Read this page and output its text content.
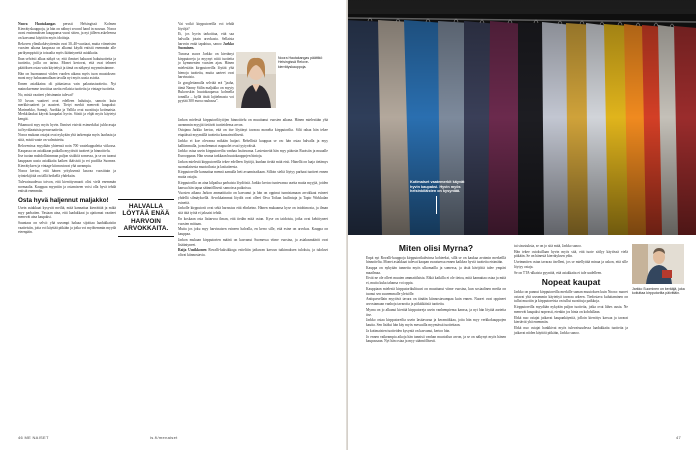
Noora Hautakangas perusti Helsingissä Kolmen Kierrätyskauppoja, ja hän on nähnyt second hand in nousun. Noora avasi ensimmäisen kauppansa vuosi sitten, ja nyt jälleen askeleensa on kasvanut käytöön myös idoittaja.

Rekoven ylimikokävyttemän ovat 30–40-vuotiaat, mutta viimeisten vuosien aikana kaupassa on alkanut käydä entistä enemmän alle parikymppisiä ja toisaalta myös ikääntyneitä asiakkaita.

Ihan selvästi alkaa näkyä se, että ihmiset haluavat hakutuotteita ja tuotteita, joilla on tarina. Monet kertovat, että ovat tehneet päätöksen ostaa vain käytettyä ja tämä on näkynyt myynnissämme.

Hän on huomannut viiden vuoden aikana myös tuon muutoksen: moni myy halusaamallaan tavalla nyt myös uusia asioita.

Ennen asiakkaina oli pääasiassa vain palautustuotteita. Nyt mainoksemme tavoittaa useita erilaisia tuotteita ja vintage tuotteita.

No, mistä vaatteet yleisimmin tulevat?

50 luvun vaatteet ovat edelleen haluttuja, samoin kuin merkkivaatteet ja asusteet. Tietyt merkit menevät kaupaksi: Marimekko, Samuji, Aarikka ja Vallila ovat suosittuja kotimaisia. Merkkilaukut käyvät kaupaksi hyvin. Siistit ja ehjät myös käytetyt kengät.

Pikamuoti myy myös hyvin. Ihmiset etsivät esimerkiksi juhla-asuja tai hyvälaatuisia perusvaatteita.

Noora mukaan ostajat ovat nykyään yhä tarkempia myös laadusta ja siitä, mistä vaate on valmistettu.

Relovenissa myydään yhteensä noin 700 vaatekappaletta viikossa. Kaupassa on asiakkaan paikalla myytävät tuotteet ja hinnoittelu.

Itse tuotan mahdollisimman paljon sisältöä somessa, ja se on tuonut kauppaan uusia asiakkaita kaiken ikäisistä ja eri puolilta Suomea. Kierrätyksen ja vintage kiinnostavat yhä useampia.

Noora kertoo, että hänen yrityksensä kasvaa vuosittain ja työntekijöitä on tällä hetkellä yhdeksän.

Tulevaisuudessa toivon, että kierrätysmuoti olisi vielä enemmän normaalia. Kauppaa myyntiin ja ostamiseen voisi olla hyvä tehdä entistä enemmän.

Osta hyvä haljennut maljakko!

Usein asiakkaat kysyvät meiltä, mitä kannattaa kierrättää ja mikä myy parhaiten. Vastaan aina, että laadukkaat ja ajattomat vaatteet menevät aina kaupaksi.

Suuntaus on selvä: yhä useampi haluaa sijoittaa laadukkaisiin vaatteisiin, joita voi käyttää pitkään ja jotka voi myöhemmin myydä eteenpäin.

HALVALLA LÖYTÄÄ ENÄÄ HARVOIN ARVOKKAITA.

Vai voikö kirpputoreilla voi tehdä löytöjä?

Ei, jos hyvin tarkoittaa, että saa halvalla jotain arvokasta. Sellaista harvoin enää tapahtuu, sanoo Jarkko Suominen.

Turussa asuva Jarkko on kiertänyt kirpputoreja ja myynyt niitä tuotteita jo kymmenien vuosien ajan. Hänen mielestään kirpputoreilla löytää yhä hienoja tuotteita, mutta aarteet ovat harvinaisia.

Ja googlettamalla selviää erä "jaaha, tämä Nanny Stilin maljakko on myyty Bukowskin huutokaupassa kolmella tonnilla – kyllä tästä lajitelmasta voi pyytää 300 euroa rauhassa".

Jarkon mielestä kirpputorilöytöjen hinnoittelu on muuttunut vuosien aikana. Hänen mielestään yhä useammin myyjät tietävät tuotteidensa arvon.

Ostajana Jarkko kertoo, että on itse löytänyt tavaraa monelta kirpputorilta. Silti rahaa hän tekee etupäässä myymällä tuotteita kansainvälisesti.

Jarkko ei koe olevansa mikään huijari. Rehellistä kauppaa se on: hän ostaa halvalla ja myy kalliimmalla, ja molemmat osapuolet ovat tyytyväisiä.

Jarkko ostaa usein kirpputoreilta vanhaa lasitavaraa. Lasiesineitä hän myy pääosin Ruotsiin ja muualle Eurooppaan. Hän seuraa tarkkaan huutokauppojen hintoja.

Jarkon mielestä kirpputoreilla tekee edelleen löytöjä, kunhan tietää mitä etsii. Hänellä on laaja tietämys suomalaisesta muotoilusta ja lasitaiteesta.

Kirpputoreille kannattaa mennä aamulla heti avaamisaikaan. Silloin sieltä löytyy parhaat tuotteet ennen muita ostajia.

Kirpputorilla on aina kilpailua parhaista löydöistä. Jarkko kertoo tuntevansa useita muita myyjiä, joiden kanssa hän tapaa säännöllisesti samoissa paikoissa.

Vuosien aikana Jarkon ammattitaito on kasvanut ja hän on oppinut tunnistamaan arvokkaat esineet yhdellä silmäyksellä. Arvokkaimmat löydöt ovat olleet Oiva Toikan lasilintuja ja Tapio Wirkkalan esineitä.

Jarkolle kirpputorit ovat sekä harrastus että elinkeino. Hänen mukaansa kyse on intohimosta, ja ilman sitä tätä työtä ei jaksaisi tehdä.

En koskaan osta lisäarvoa ilman, että tiedän mitä ostan. Kyse on taidoista, jotka ovat kehittyneet vuosien mittaan.

Mutta jos joku myy harvinaisen esineen halvalla, en kerro sille, että esine on arvokas. Kauppa on kauppaa.

Jarkon mukaan kirpputorien määrä on kasvanut Suomessa viime vuosina, ja asiakasmäärät ovat lisääntyneet.

Raija Uusikkonen Rovalli-kaksikkoga esiteltiin jatkuvan kasvun tutkimuksen tuloksia, ja tulokset olivat kiinnostavia.

Noora Hautakangas päättikö Helsingissä Relove-kierrätyskauppoja.
46 ME NAISET	is.fi/menaiset
Kotimaiset vaatemerkit käyvät hyvin kaupaksi. Hyvin myös helsinkiläisten on kysyntää.
Miten olisi Myrna?

Enpä nyt Rovalli-kauppoja kirpputorikahvinsa kohteeksi, sillä se on kaukaa avoimin merkeillä hinnoiteltu. Monet asiakkaat tulevat kaupan avautuessa ennen kaikkea hyviä tuotteita etsimään.

Kauppa on nykyään tunnettu myös ulkomailla ja somessa, ja tästä kävijöitä tulee ympäri maailmaa.

Eivät ne ole olleet muuten ammattilaisia. Ehkä kaikilla ei ole tietoa, mitä kannattaa ostaa ja mitä ei, mutta kuka tahansa voi oppia.

Kauppiaan mielestä kirpputorikulttuuri on muuttunut viime vuosina, kun sosiaalinen media on tuonut sen suuremmalle yleisölle.

Antiquesellain myytävä tavara on tänään kiinnostavampaa kuin ennen. Nuoret ovat oppineet arvostamaan vanhoja tavaroita ja pitkäikäisiä tuotteita.

Myrna on jo alkanut kiertää kirpputoreja usein vanhempiensa kanssa, ja nyt hän löytää aarteita itse.

Jarkko ostaa kirpputoreilta usein lasitavaraa ja keramiikkaa, joita hän myy verkkokauppojen kautta. Sen lisäksi hän käy myös messuilla myymässä tuotteitaan.

Ja kotimaisten tuotteiden kysyntä on kasvanut, kertoo hän.

Jo ennen vaikeampia aikoja hän tunnisti vanhan muotoilun arvon, ja se on näkynyt myös hänen kaupassaan. Nyt hän ostaa ja myy säännöllisesti.

tai sisustuksia, se on jo sitä mitä, Jarkko sanoo.

Hän tekee ostoksillaan hyvin myös sitä, että tuote säilyy käytössä vielä pitkään. Se on hänestä kierrätyksen ydin.

Useimmiten ostan tavaraa itselleni, jos se miellyttää minua ja uskon, että sille löytyy ostaja.

Se on TTA-alkaista pyyntöä, että asiakkaita ei tule uudelleen.

Nopeat kaupat

Jarkko on pannut kirpputoreilla merkille saman muutoksen kuin Noora: nuoret ostavat yhä useammin käytettyä tavaraa arkeen. Tiedostava kuluttaminen on tullut muotiin ja kirpputoreista on tullut suosittuja paikkoja.

Kirpputoreilla myydään nykyään paljon tuotteita, jotka ovat lähes uusia. Ne menevät kaupaksi nopeasti, etenkin jos hinta on kohdallaan.

Ehkä nuo ostajat jatkavat kaupankäyntiä, jolloin kierrätys kasvaa ja tavarat kiertävät yhä enemmän.

Ehkä nuo ostajat hankkivat myös tulevaisuudessa laadukkaita tuotteita ja jatkavat niiden käyttöä pitkään, Jarkko sanoo.

Jarkko Suominen on kerääjä, joka kotiuttaa kirpputorilta päivittäin.
47
